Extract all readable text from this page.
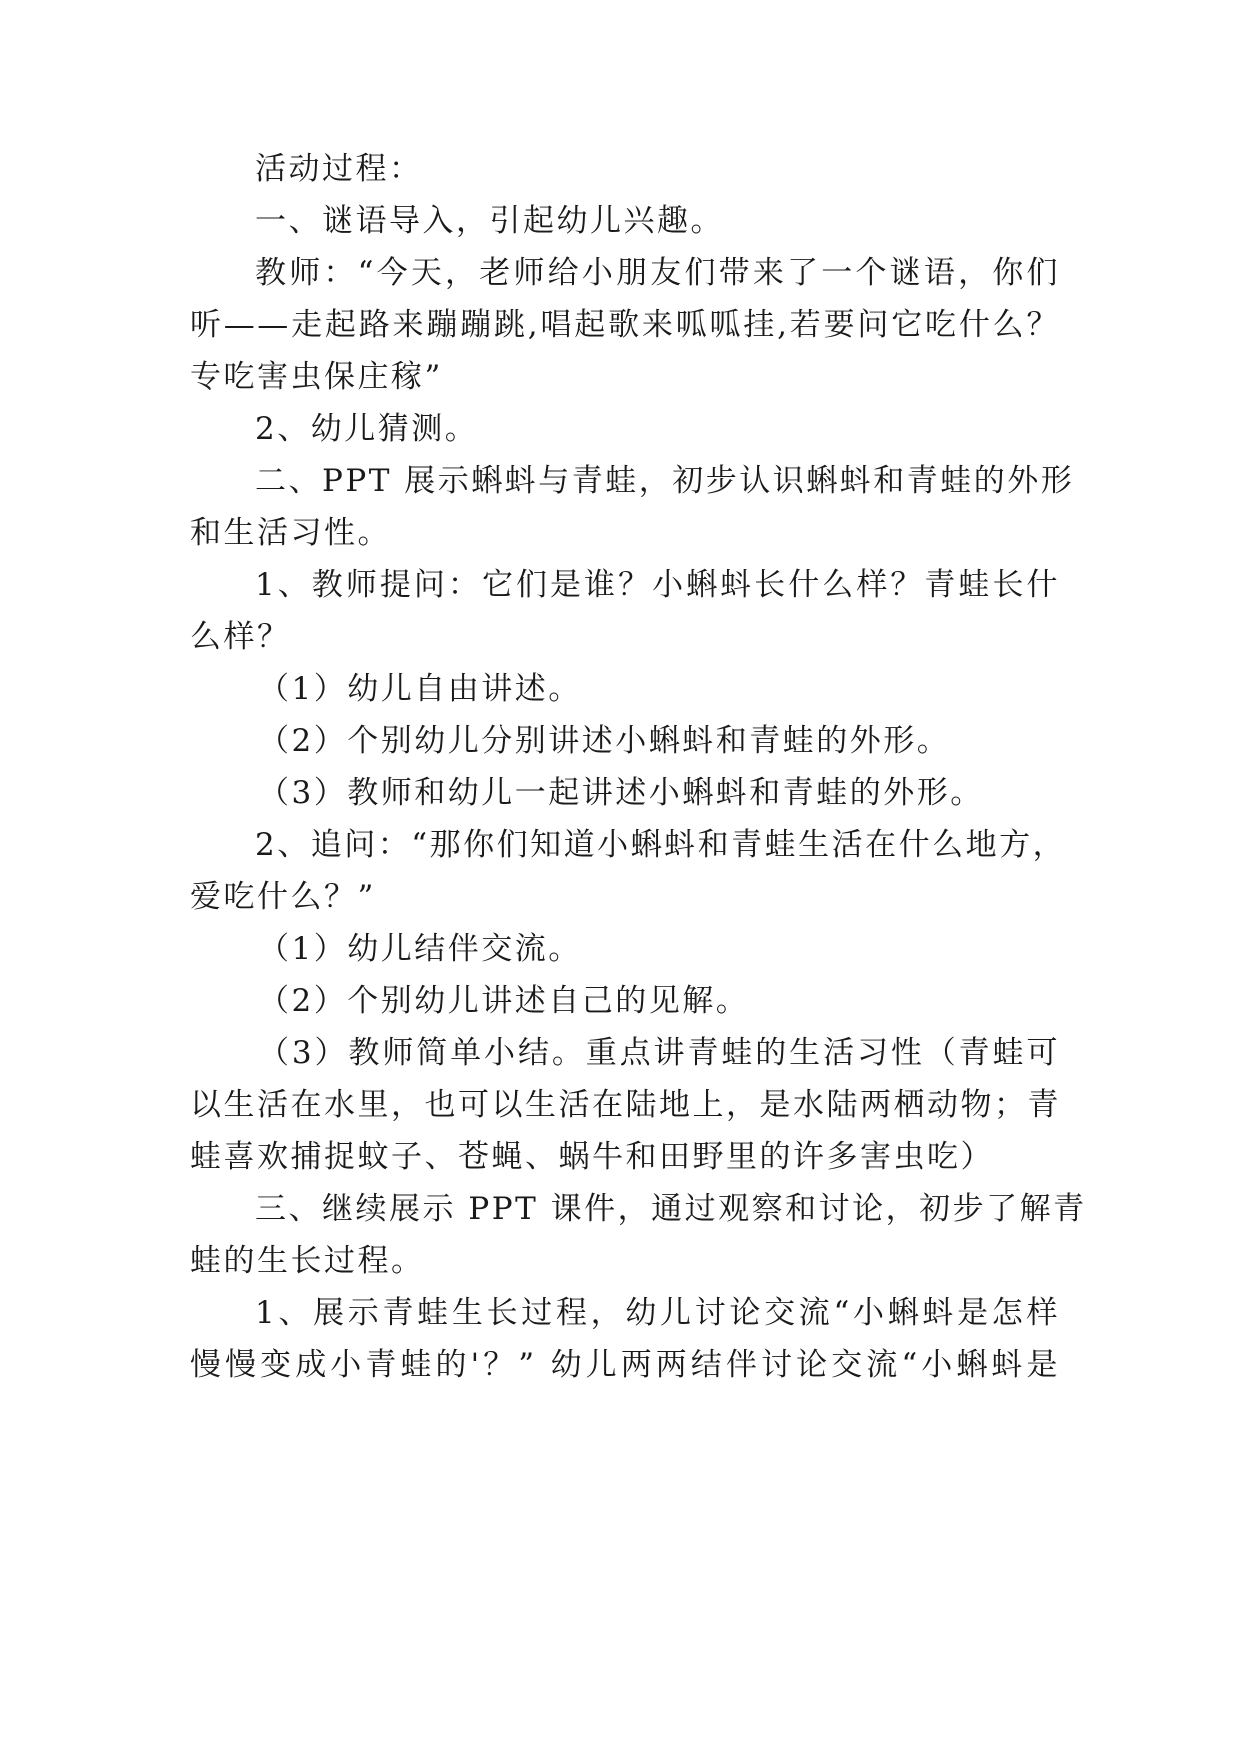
活动过程：
一、谜语导入，引起幼儿兴趣。
教师：“今天，老师给小朋友们带来了一个谜语，你们
听——走起路来蹦蹦跳,唱起歌来呱呱挂,若要问它吃什么？
专吃害虫保庄稼”
2、幼儿猜测。
二、PPT 展示蝌蚪与青蛙，初步认识蝌蚪和青蛙的外形
和生活习性。
1、教师提问：它们是谁？小蝌蚪长什么样？青蛙长什
么样？
（1）幼儿自由讲述。
（2）个别幼儿分别讲述小蝌蚪和青蛙的外形。
（3）教师和幼儿一起讲述小蝌蚪和青蛙的外形。
2、追问：“那你们知道小蝌蚪和青蛙生活在什么地方，
爱吃什么？”
（1）幼儿结伴交流。
（2）个别幼儿讲述自己的见解。
（3）教师简单小结。重点讲青蛙的生活习性（青蛙可
以生活在水里，也可以生活在陆地上，是水陆两栖动物；青
蛙喜欢捕捉蚊子、苍蝇、蜗牛和田野里的许多害虫吃）
三、继续展示 PPT 课件，通过观察和讨论，初步了解青
蛙的生长过程。
1、展示青蛙生长过程，幼儿讨论交流“小蝌蚪是怎样
慢慢变成小青蛙的'？” 幼儿两两结伴讨论交流“小蝌蚪是
